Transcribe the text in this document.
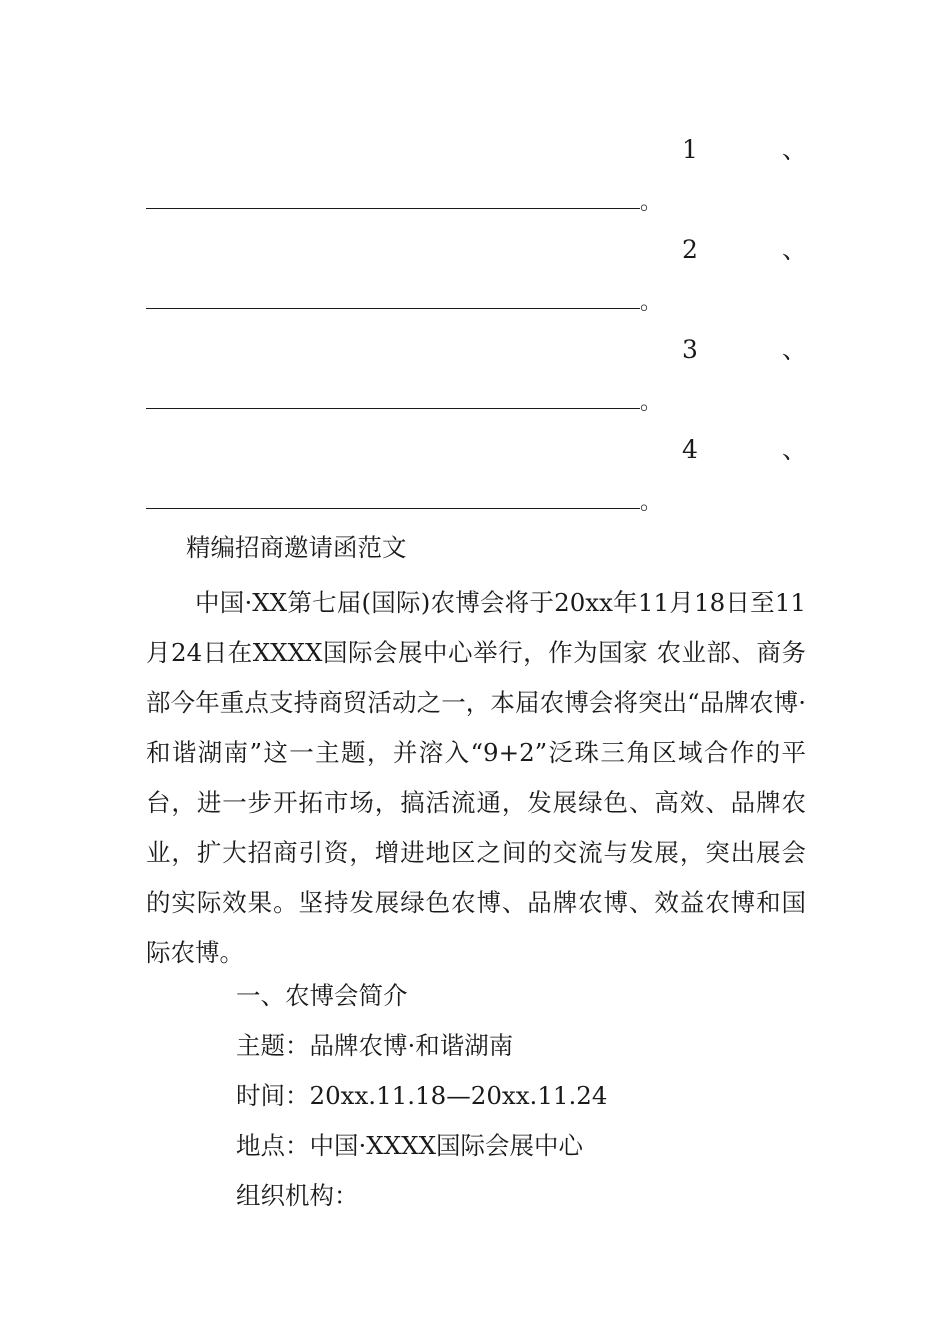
1	、
。
2	、
。
3	、
。
4	、
。
精编招商邀请函范文
中国·XX第七届(国际)农博会将于20xx年11月18日至11月24日在XXXX国际会展中心举行，作为国家 农业部、商务部今年重点支持商贸活动之一，本届农博会将突出“品牌农博·和谐湖南”这一主题，并溶入“9+2”泛珠三角区域合作的平台，进一步开拓市场，搞活流通，发展绿色、高效、品牌农业，扩大招商引资，增进地区之间的交流与发展，突出展会的实际效果。坚持发展绿色农博、品牌农博、效益农博和国际农博。
一、农博会简介
主题：品牌农博·和谐湖南
时间：20xx.11.18—20xx.11.24
地点：中国·XXXX国际会展中心
组织机构：
